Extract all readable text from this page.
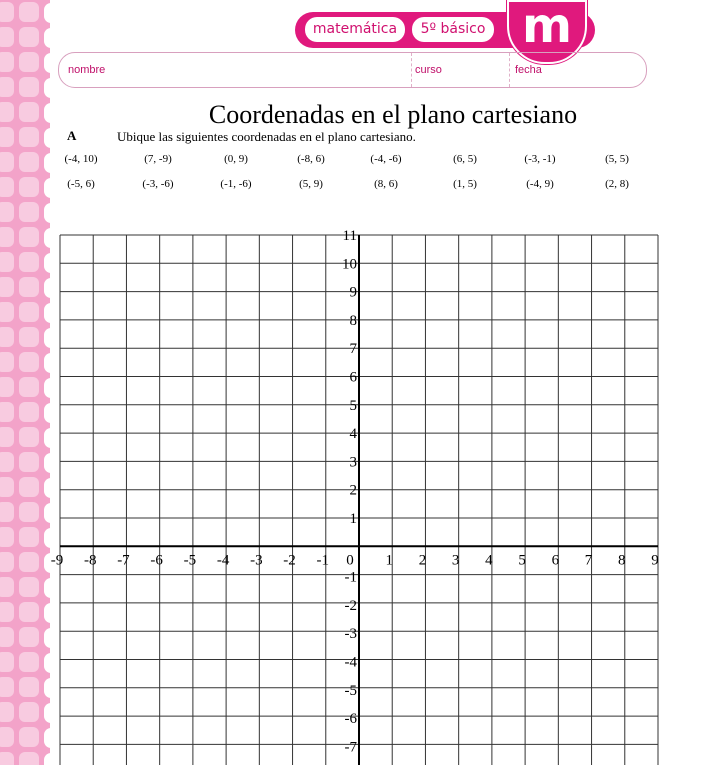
matemática	5º básico m
nombre	curso	fecha
Coordenadas en el plano cartesiano
A	Ubique las siguientes coordenadas en el plano cartesiano.
(-4, 10)	(7, -9)	(0, 9)	(-8, 6)	(-4, -6)	(6, 5)	(-3, -1)	(5, 5)
(-5, 6)	(-3, -6)	(-1, -6)	(5, 9)	(8, 6)	(1, 5)	(-4, 9)	(2, 8)
-9 -8 -7 -6 -5 -4 -3 -2 -1 0 1 2 3 4 5 6 7 8 9
11
10
9
8
7
6
5
4
3
2
1
-1
-2
-3
-4
-5
-6
-7
